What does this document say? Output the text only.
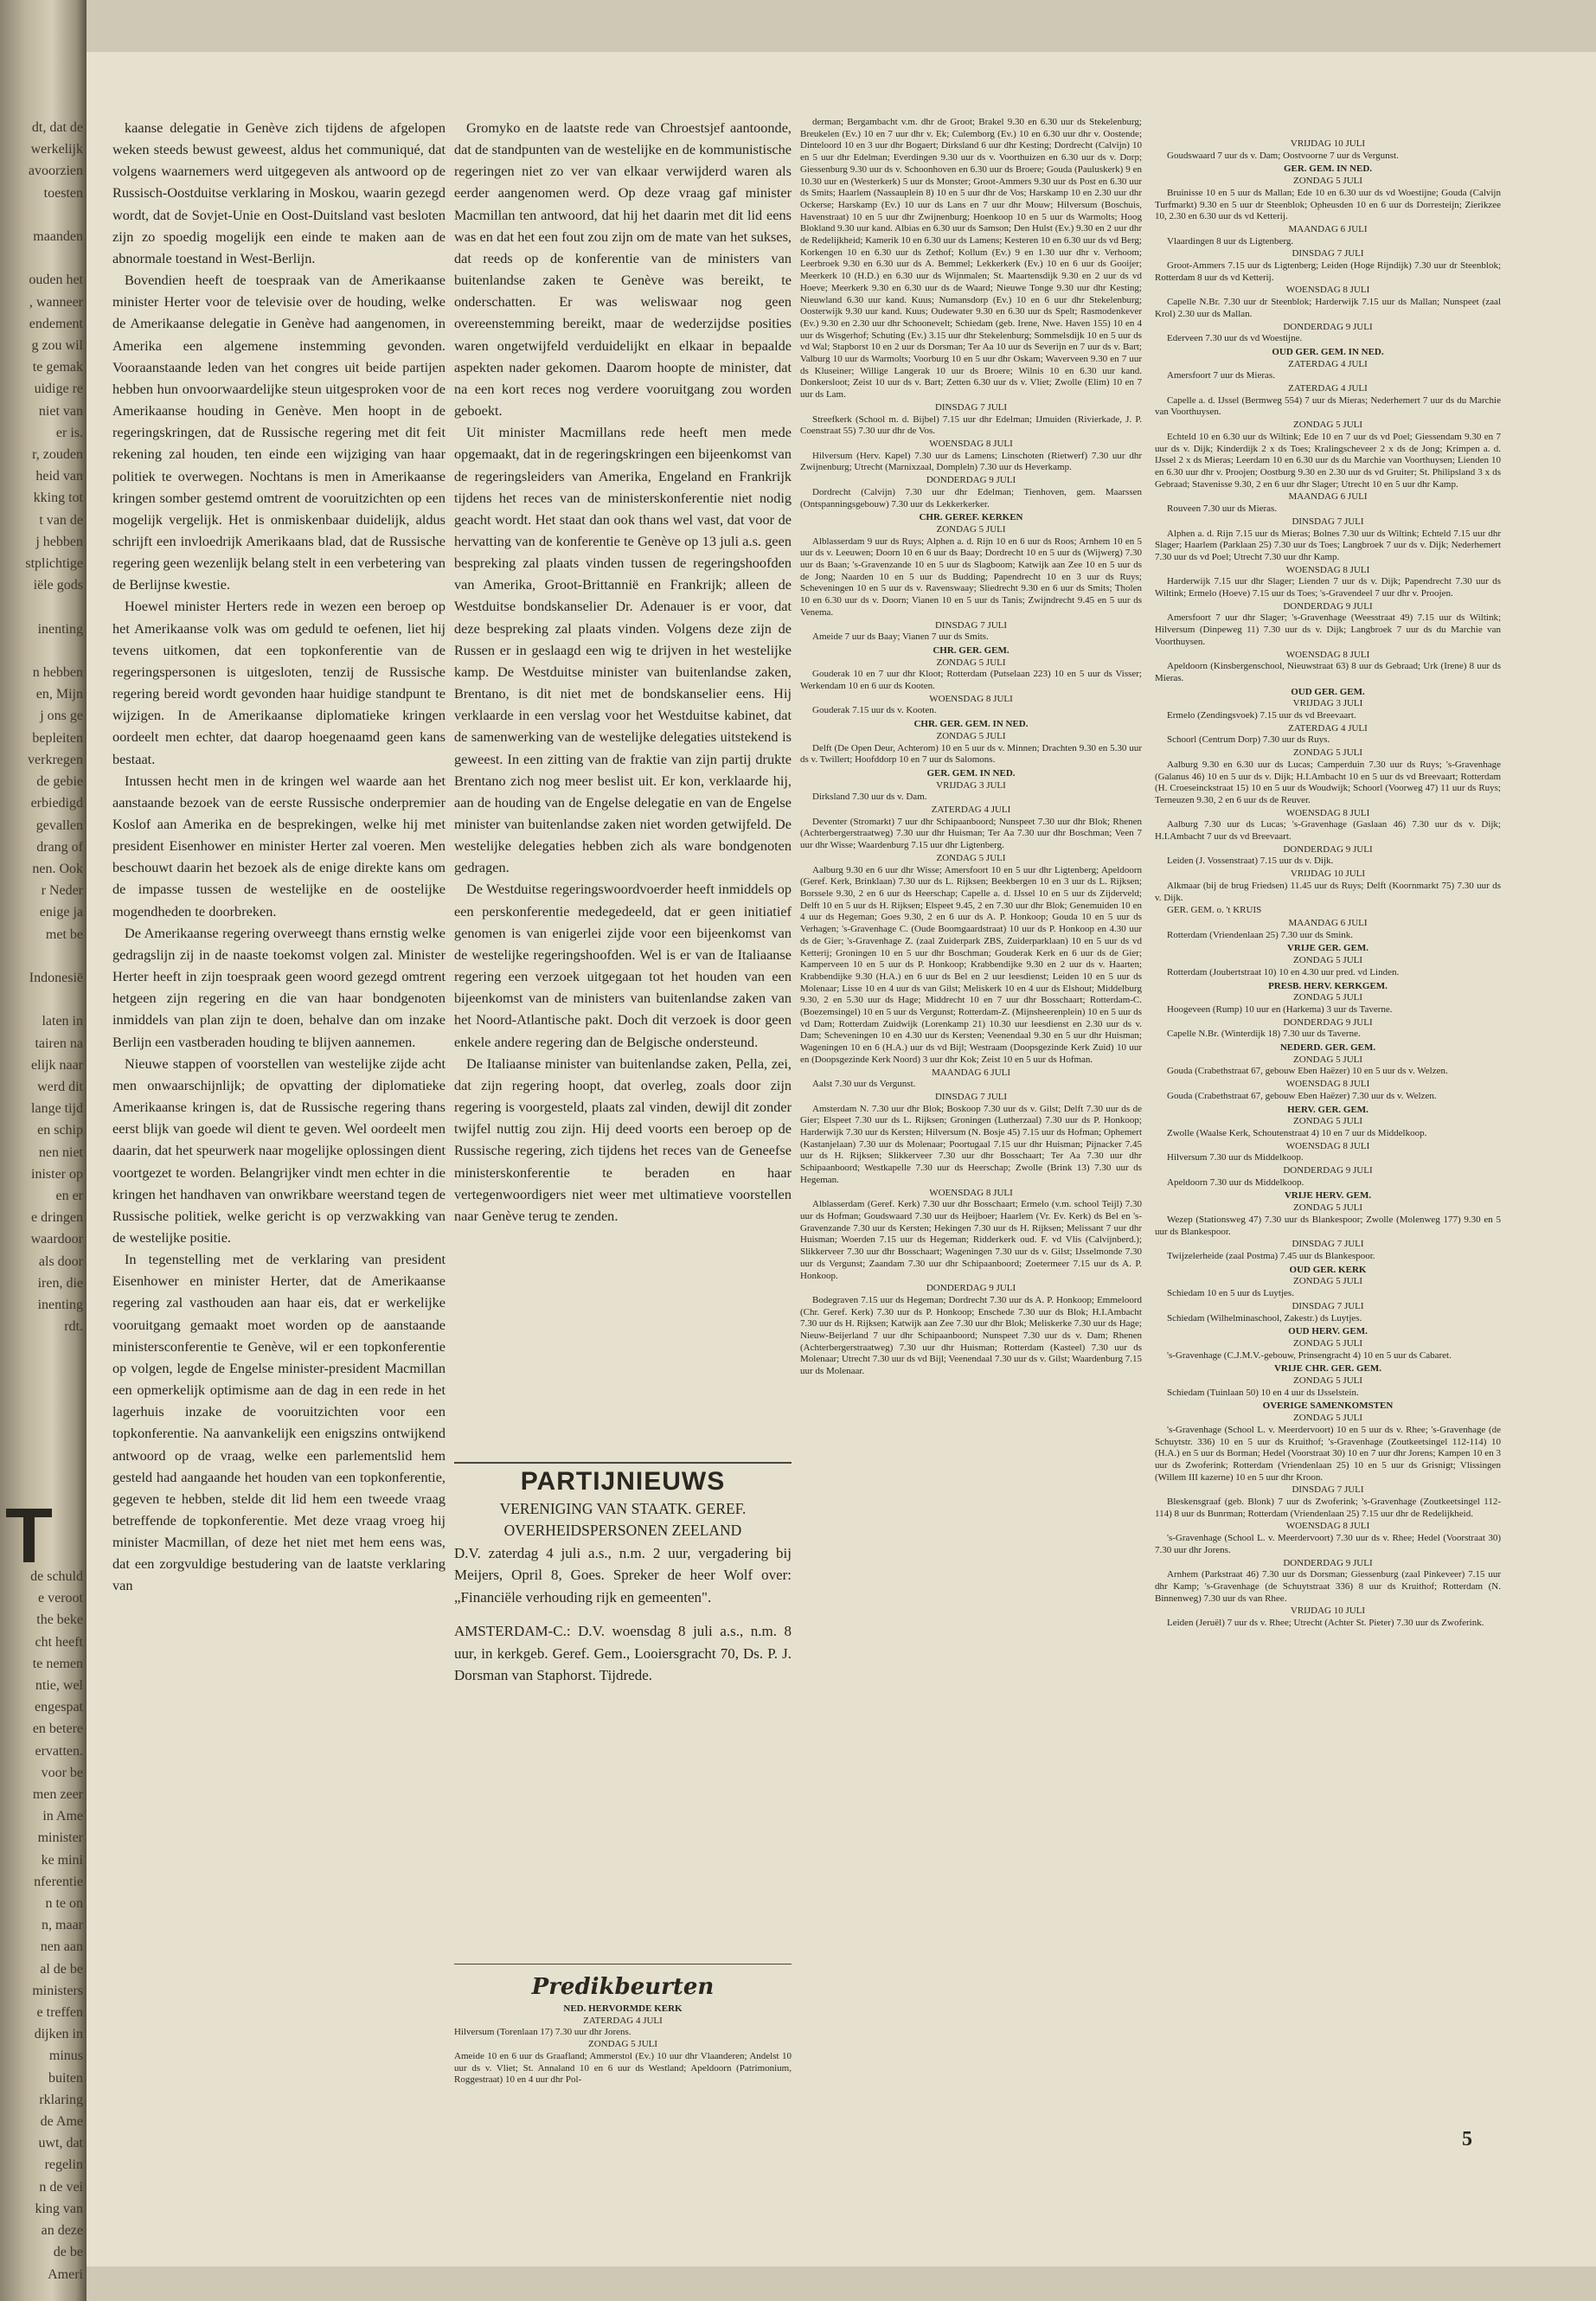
dt, dat de
werkelijk
avoorzien
toesten

maanden

ouden het
, wanneer
endement
g zou wil
te gemak
uidige re
niet van
er is.
r, zouden
heid van
kking tot
t van de
j hebben
stplichtige
iële gods

inenting

n hebben
en, Mijn
j ons ge
bepleiten
verkregen
de gebie
erbiedigd
gevallen
drang of
nen. Ook
r Neder
enige ja
met be

Indonesië

laten in
tairen na
elijk naar
werd dit
lange tijd
en schip
nen niet
inister op
en er
e dringen
waardoor
als door
iren, die
inenting
rdt.
T
de schuld
e veroot
the beke
cht heeft
te nemen
ntie, wel
engespat
en betere
ervatten.
voor be
men zeer
in Ame
minister
ke mini
nferentie
n te on
n, maar
nen aan
al de be
ministers
e treffen
dijken in
minus
buiten
rklaring
de Ame
uwt, dat
regelin
n de vei
king van
an deze
de be
Ameri

kaanse delegatie in Genève zich tijdens de afgelopen weken steeds bewust geweest, aldus het communiqué, dat volgens waarnemers werd uitgegeven als antwoord op de Russisch-Oostduitse verklaring in Moskou, waarin gezegd wordt, dat de Sovjet-Unie en Oost-Duitsland vast besloten zijn zo spoedig mogelijk een einde te maken aan de abnormale toestand in West-Berlijn.

Bovendien heeft de toespraak van de Amerikaanse minister Herter voor de televisie over de houding, welke de Amerikaanse delegatie in Genève had aangenomen, in Amerika een algemene instemming gevonden. Vooraanstaande leden van het congres uit beide partijen hebben hun onvoorwaardelijke steun uitgesproken voor de Amerikaanse houding in Genève. Men hoopt in de regeringskringen, dat de Russische regering met dit feit rekening zal houden, ten einde een wijziging van haar politiek te overwegen. Nochtans is men in Amerikaanse kringen somber gestemd omtrent de vooruitzichten op een mogelijk vergelijk. Het is onmiskenbaar duidelijk, aldus schrijft een invloedrijk Amerikaans blad, dat de Russische regering geen wezenlijk belang stelt in een verbetering van de Berlijnse kwestie.

Hoewel minister Herters rede in wezen een beroep op het Amerikaanse volk was om geduld te oefenen, liet hij tevens uitkomen, dat een topkonferentie van de regeringspersonen is uitgesloten, tenzij de Russische regering bereid wordt gevonden haar huidige standpunt te wijzigen. In de Amerikaanse diplomatieke kringen oordeelt men echter, dat daarop hoegenaamd geen kans bestaat.

Intussen hecht men in de kringen wel waarde aan het aanstaande bezoek van de eerste Russische onderpremier Koslof aan Amerika en de besprekingen, welke hij met president Eisenhower en minister Herter zal voeren. Men beschouwt daarin het bezoek als de enige direkte kans om de impasse tussen de westelijke en de oostelijke mogendheden te doorbreken.

De Amerikaanse regering overweegt thans ernstig welke gedragslijn zij in de naaste toekomst volgen zal. Minister Herter heeft in zijn toespraak geen woord gezegd omtrent hetgeen zijn regering en die van haar bondgenoten inmiddels van plan zijn te doen, behalve dan om inzake Berlijn een vastberaden houding te blijven aannemen.

Nieuwe stappen of voorstellen van westelijke zijde acht men onwaarschijnlijk; de opvatting der diplomatieke Amerikaanse kringen is, dat de Russische regering thans eerst blijk van goede wil dient te geven. Wel oordeelt men daarin, dat het speurwerk naar mogelijke oplossingen dient voortgezet te worden. Belangrijker vindt men echter in die kringen het handhaven van onwrikbare weerstand tegen de Russische politiek, welke gericht is op verzwakking van de westelijke positie.

In tegenstelling met de verklaring van president Eisenhower en minister Herter, dat de Amerikaanse regering zal vasthouden aan haar eis, dat er werkelijke vooruitgang gemaakt moet worden op de aanstaande ministersconferentie te Genève, wil er een topkonferentie op volgen, legde de Engelse minister-president Macmillan een opmerkelijk optimisme aan de dag in een rede in het lagerhuis inzake de vooruitzichten voor een topkonferentie. Na aanvankelijk een enigszins ontwijkend antwoord op de vraag, welke een parlementslid hem gesteld had aangaande het houden van een topkonferentie, gegeven te hebben, stelde dit lid hem een tweede vraag betreffende de topkonferentie. Met deze vraag vroeg hij minister Macmillan, of deze het niet met hem eens was, dat een zorgvuldige bestudering van de laatste verklaring van

Gromyko en de laatste rede van Chroestsjef aantoonde, dat de standpunten van de westelijke en de kommunistische regeringen niet zo ver van elkaar verwijderd waren als eerder aangenomen werd. Op deze vraag gaf minister Macmillan ten antwoord, dat hij het daarin met dit lid eens was en dat het een fout zou zijn om de mate van het sukses, dat reeds op de konferentie van de ministers van buitenlandse zaken te Genève was bereikt, te onderschatten. Er was weliswaar nog geen overeenstemming bereikt, maar de wederzijdse posities waren ongetwijfeld verduidelijkt en elkaar in bepaalde aspekten nader gekomen. Daarom hoopte de minister, dat na een kort reces nog verdere vooruitgang zou worden geboekt.

Uit minister Macmillans rede heeft men mede opgemaakt, dat in de regeringskringen een bijeenkomst van de regeringsleiders van Amerika, Engeland en Frankrijk tijdens het reces van de ministerskonferentie niet nodig geacht wordt. Het staat dan ook thans wel vast, dat voor de hervatting van de konferentie te Genève op 13 juli a.s. geen bespreking zal plaats vinden tussen de regeringshoofden van Amerika, Groot-Brittannië en Frankrijk; alleen de Westduitse bondskanselier Dr. Adenauer is er voor, dat deze bespreking zal plaats vinden. Volgens deze zijn de Russen er in geslaagd een wig te drijven in het westelijke kamp. De Westduitse minister van buitenlandse zaken, Brentano, is dit niet met de bondskanselier eens. Hij verklaarde in een verslag voor het Westduitse kabinet, dat de samenwerking van de westelijke delegaties uitstekend is geweest. In een zitting van de fraktie van zijn partij drukte Brentano zich nog meer beslist uit. Er kon, verklaarde hij, aan de houding van de Engelse delegatie en van de Engelse minister van buitenlandse zaken niet worden getwijfeld. De westelijke delegaties hebben zich als ware bondgenoten gedragen.

De Westduitse regeringswoordvoerder heeft inmiddels op een perskonferentie medegedeeld, dat er geen initiatief genomen is van enigerlei zijde voor een bijeenkomst van de westelijke regeringshoofden. Wel is er van de Italiaanse regering een verzoek uitgegaan tot het houden van een bijeenkomst van de ministers van buitenlandse zaken van het Noord-Atlantische pakt. Doch dit verzoek is door geen enkele andere regering dan de Belgische ondersteund.

De Italiaanse minister van buitenlandse zaken, Pella, zei, dat zijn regering hoopt, dat overleg, zoals door zijn regering is voorgesteld, plaats zal vinden, dewijl dit zonder twijfel nuttig zou zijn. Hij deed voorts een beroep op de Russische regering, zich tijdens het reces van de Geneefse ministerskonferentie te beraden en haar vertegenwoordigers niet weer met ultimatieve voorstellen naar Genève terug te zenden.

PARTIJNIEUWS

VERENIGING VAN STAATK. GEREF.

OVERHEIDSPERSONEN ZEELAND

D.V. zaterdag 4 juli a.s., n.m. 2 uur, vergadering bij Meijers, Opril 8, Goes. Spreker de heer Wolf over: „Financiële verhouding rijk en gemeenten".

AMSTERDAM-C.: D.V. woensdag 8 juli a.s., n.m. 8 uur, in kerkgeb. Geref. Gem., Looiersgracht 70, Ds. P. J. Dorsman van Staphorst. Tijdrede.

Predikbeurten
NED. HERVORMDE KERK
ZATERDAG 4 JULI

Hilversum (Torenlaan 17) 7.30 uur dhr Jorens.

ZONDAG 5 JULI

Ameide 10 en 6 uur ds Graafland; Ammerstol (Ev.) 10 uur dhr Vlaanderen; Andelst 10 uur ds v. Vliet; St. Annaland 10 en 6 uur ds Westland; Apeldoorn (Patrimonium, Roggestraat) 10 en 4 uur dhr Pol-

derman; Bergambacht v.m. dhr de Groot; Brakel 9.30 en 6.30 uur ds Stekelenburg; Breukelen (Ev.) 10 en 7 uur dhr v. Ek; Culemborg (Ev.) 10 en 6.30 uur dhr v. Oostende; Dinteloord 10 en 3 uur dhr Bogaert; Dirksland 6 uur dhr Kesting; Dordrecht (Calvijn) 10 en 5 uur dhr Edelman; Everdingen 9.30 uur ds v. Voorthuizen en 6.30 uur ds v. Dorp; Giessenburg 9.30 uur ds v. Schoonhoven en 6.30 uur ds Broere; Gouda (Pauluskerk) 9 en 10.30 uur en (Westerkerk) 5 uur ds Monster; Groot-Ammers 9.30 uur ds Post en 6.30 uur ds Smits; Haarlem (Nassauplein 8) 10 en 5 uur dhr de Vos; Harskamp 10 en 2.30 uur dhr Ockerse; Harskamp (Ev.) 10 uur ds Lans en 7 uur dhr Mouw; Hilversum (Boschuis, Havenstraat) 10 en 5 uur dhr Zwijnenburg; Hoenkoop 10 en 5 uur ds Warmolts; Hoog Blokland 9.30 uur kand. Albias en 6.30 uur ds Samson; Den Hulst (Ev.) 9.30 en 2 uur dhr de Redelijkheid; Kamerik 10 en 6.30 uur ds Lamens; Kesteren 10 en 6.30 uur ds vd Berg; Korkengen 10 en 6.30 uur ds Zethof; Kollum (Ev.) 9 en 1.30 uur dhr v. Verhoom; Leerbroek 9.30 en 6.30 uur ds A. Bemmel; Lekkerkerk (Ev.) 10 en 6 uur ds Gooijer; Meerkerk 10 (H.D.) en 6.30 uur ds Wijnmalen; St. Maartensdijk 9.30 en 2 uur ds vd Hoeve; Meerkerk 9.30 en 6.30 uur ds de Waard; Nieuwe Tonge 9.30 uur dhr Kesting; Nieuwland 6.30 uur kand. Kuus; Numansdorp (Ev.) 10 en 6 uur dhr Stekelenburg; Oosterwijk 9.30 uur kand. Kuus; Oudewater 9.30 en 6.30 uur ds Spelt; Rasmodenkever (Ev.) 9.30 en 2.30 uur dhr Schoonevelt; Schiedam (geb. Irene, Nwe. Haven 155) 10 en 4 uur ds Wisgerhof; Schuting (Ev.) 3.15 uur dhr Stekelenburg; Sommelsdijk 10 en 5 uur ds vd Wal; Stapborst 10 en 2 uur ds Dorsman; Ter Aa 10 uur ds Severijn en 7 uur ds v. Bart; Valburg 10 uur ds Warmolts; Voorburg 10 en 5 uur dhr Oskam; Waverveen 9.30 en 7 uur ds Kluseiner; Willige Langerak 10 uur ds Broere; Wilnis 10 en 6.30 uur kand. Donkersloot; Zeist 10 uur ds v. Bart; Zetten 6.30 uur ds v. Vliet; Zwolle (Elim) 10 en 7 uur ds Lam.

DINSDAG 7 JULI

Streefkerk (School m. d. Bijbel) 7.15 uur dhr Edelman; IJmuiden (Rivierkade, J. P. Coenstraat 55) 7.30 uur dhr de Vos.

WOENSDAG 8 JULI

Hilversum (Herv. Kapel) 7.30 uur ds Lamens; Linschoten (Rietwerf) 7.30 uur dhr Zwijnenburg; Utrecht (Marnixzaal, Dompleln) 7.30 uur ds Heverkamp.

DONDERDAG 9 JULI

Dordrecht (Calvijn) 7.30 uur dhr Edelman; Tienhoven, gem. Maarssen (Ontspanningsgebouw) 7.30 uur ds Lekkerkerker.

CHR. GEREF. KERKEN

ZONDAG 5 JULI

Alblasserdam 9 uur ds Ruys; Alphen a. d. Rijn 10 en 6 uur ds Roos; Arnhem 10 en 5 uur ds v. Leeuwen; Doorn 10 en 6 uur ds Baay; Dordrecht 10 en 5 uur ds (Wijwerg) 7.30 uur ds Baan; 's-Gravenzande 10 en 5 uur ds Slagboom; Katwijk aan Zee 10 en 5 uur ds de Jong; Naarden 10 en 5 uur ds Budding; Papendrecht 10 en 3 uur ds Ruys; Scheveningen 10 en 5 uur ds v. Ravenswaay; Sliedrecht 9.30 en 6 uur ds Smits; Tholen 10 en 6.30 uur ds v. Doorn; Vianen 10 en 5 uur ds Tanis; Zwijndrecht 9.45 en 5 uur ds Venema.

DINSDAG 7 JULI

Ameide 7 uur ds Baay; Vianen 7 uur ds Smits.

CHR. GER. GEM.

ZONDAG 5 JULI

Gouderak 10 en 7 uur dhr Kloot; Rotterdam (Putselaan 223) 10 en 5 uur ds Visser; Werkendam 10 en 6 uur ds Kooten.

WOENSDAG 8 JULI

Gouderak 7.15 uur ds v. Kooten.

CHR. GER. GEM. IN NED.

ZONDAG 5 JULI

Delft (De Open Deur, Achterom) 10 en 5 uur ds v. Minnen; Drachten 9.30 en 5.30 uur ds v. Twillert; Hoofddorp 10 en 7 uur ds Salomons.

GER. GEM. IN NED.

VRIJDAG 3 JULI

Dirksland 7.30 uur ds v. Dam.

ZATERDAG 4 JULI

Deventer (Stromarkt) 7 uur dhr Schipaanboord; Nunspeet 7.30 uur dhr Blok; Rhenen (Achterbergerstraatweg) 7.30 uur dhr Huisman; Ter Aa 7.30 uur dhr Boschman; Veen 7 uur dhr Wisse; Waardenburg 7.15 uur dhr Ligtenberg.

ZONDAG 5 JULI

Aalburg 9.30 en 6 uur dhr Wisse; Amersfoort 10 en 5 uur dhr Ligtenberg; Apeldoorn (Geref. Kerk, Brinklaan) 7.30 uur ds L. Rijksen; Beekbergen 10 en 3 uur ds L. Rijksen; Borssele 9.30, 2 en 6 uur ds Heerschap; Capelle a. d. IJssel 10 en 5 uur ds Zijderveld; Delft 10 en 5 uur ds H. Rijksen; Elspeet 9.45, 2 en 7.30 uur dhr Blok; Genemuiden 10 en 4 uur ds Hegeman; Goes 9.30, 2 en 6 uur ds A. P. Honkoop; Gouda 10 en 5 uur ds Verhagen; 's-Gravenhage C. (Oude Boomgaardstraat) 10 uur ds P. Honkoop en 4.30 uur ds de Gier; 's-Gravenhage Z. (zaal Zuiderpark ZBS, Zuiderparklaan) 10 en 5 uur ds vd Ketterij; Groningen 10 en 5 uur dhr Boschman; Gouderak Kerk en 6 uur ds de Gier; Kamperveen 10 en 5 uur ds P. Honkoop; Krabbendijke 9.30 en 2 uur ds v. Haarten; Krabbendijke 9.30 (H.A.) en 6 uur ds Bel en 2 uur leesdienst; Leiden 10 en 5 uur ds Molenaar; Lisse 10 en 4 uur ds van Gilst; Meliskerk 10 en 4 uur ds Elshout; Middelburg 9.30, 2 en 5.30 uur ds Hage; Middrecht 10 en 7 uur dhr Bosschaart; Rotterdam-C. (Boezemsingel) 10 en 5 uur ds Vergunst; Rotterdam-Z. (Mijnsheerenplein) 10 en 5 uur ds vd Dam; Rotterdam Zuidwijk (Lorenkamp 21) 10.30 uur leesdienst en 2.30 uur ds v. Dam; Scheveningen 10 en 4.30 uur ds Kersten; Veenendaal 9.30 en 5 uur dhr Huisman; Wageningen 10 en 6 (H.A.) uur ds vd Bijl; Westraam (Doopsgezinde Kerk Zuid) 10 uur en (Doopsgezinde Kerk Noord) 3 uur dhr Kok; Zeist 10 en 5 uur ds Hofman.

MAANDAG 6 JULI

Aalst 7.30 uur ds Vergunst.

DINSDAG 7 JULI

Amsterdam N. 7.30 uur dhr Blok; Boskoop 7.30 uur ds v. Gilst; Delft 7.30 uur ds de Gier; Elspeet 7.30 uur ds L. Rijksen; Groningen (Lutherzaal) 7.30 uur ds P. Honkoop; Harderwijk 7.30 uur ds Kersten; Hilversum (N. Bosje 45) 7.15 uur ds Hofman; Ophemert (Kastanjelaan) 7.30 uur ds Molenaar; Poortugaal 7.15 uur dhr Huisman; Pijnacker 7.45 uur ds H. Rijksen; Slikkerveer 7.30 uur dhr Bosschaart; Ter Aa 7.30 uur dhr Schipaanboord; Westkapelle 7.30 uur ds Heerschap; Zwolle (Brink 13) 7.30 uur ds Hegeman.

WOENSDAG 8 JULI

Alblasserdam (Geref. Kerk) 7.30 uur dhr Bosschaart; Ermelo (v.m. school Teijl) 7.30 uur ds Hofman; Goudswaard 7.30 uur ds Heijboer; Haarlem (Vr. Ev. Kerk) ds Bel en 's-Gravenzande 7.30 uur ds Kersten; Hekingen 7.30 uur ds H. Rijksen; Melissant 7 uur dhr Huisman; Woerden 7.15 uur ds Hegeman; Ridderkerk oud. F. vd Vlis (Calvijnberd.); Slikkerveer 7.30 uur dhr Bosschaart; Wageningen 7.30 uur ds v. Gilst; IJsselmonde 7.30 uur ds Vergunst; Zaandam 7.30 uur dhr Schipaanboord; Zoetermeer 7.15 uur ds A. P. Honkoop.

DONDERDAG 9 JULI

Bodegraven 7.15 uur ds Hegeman; Dordrecht 7.30 uur ds A. P. Honkoop; Emmeloord (Chr. Geref. Kerk) 7.30 uur ds P. Honkoop; Enschede 7.30 uur ds Blok; H.I.Ambacht 7.30 uur ds H. Rijksen; Katwijk aan Zee 7.30 uur dhr Blok; Meliskerke 7.30 uur ds Hage; Nieuw-Beijerland 7 uur dhr Schipaanboord; Nunspeet 7.30 uur ds v. Dam; Rhenen (Achterbergerstraatweg) 7.30 uur dhr Huisman; Rotterdam (Kasteel) 7.30 uur ds Molenaar; Utrecht 7.30 uur ds vd Bijl; Veenendaal 7.30 uur ds v. Gilst; Waardenburg 7.15 uur ds Molenaar.

VRIJDAG 10 JULI

Goudswaard 7 uur ds v. Dam; Oostvoorne 7 uur ds Vergunst.

GER. GEM. IN NED.

ZONDAG 5 JULI

Bruinisse 10 en 5 uur ds Mallan; Ede 10 en 6.30 uur ds vd Woestijne; Gouda (Calvijn Turfmarkt) 9.30 en 5 uur dr Steenblok; Opheusden 10 en 6 uur ds Dorresteijn; Zierikzee 10, 2.30 en 6.30 uur ds vd Ketterij.

MAANDAG 6 JULI

Vlaardingen 8 uur ds Ligtenberg.

DINSDAG 7 JULI

Groot-Ammers 7.15 uur ds Ligtenberg; Leiden (Hoge Rijndijk) 7.30 uur dr Steenblok; Rotterdam 8 uur ds vd Ketterij.

WOENSDAG 8 JULI

Capelle N.Br. 7.30 uur dr Steenblok; Harderwijk 7.15 uur ds Mallan; Nunspeet (zaal Krol) 2.30 uur ds Mallan.

DONDERDAG 9 JULI

Ederveen 7.30 uur ds vd Woestijne.

OUD GER. GEM. IN NED.

ZATERDAG 4 JULI

Amersfoort 7 uur ds Mieras.

ZATERDAG 4 JULI

Capelle a. d. IJssel (Bermweg 554) 7 uur ds Mieras; Nederhemert 7 uur ds du Marchie van Voorthuysen.

ZONDAG 5 JULI

Echteld 10 en 6.30 uur ds Wiltink; Ede 10 en 7 uur ds vd Poel; Giessendam 9.30 en 7 uur ds v. Dijk; Kinderdijk 2 x ds Toes; Kralingscheveer 2 x ds de Jong; Krimpen a. d. IJssel 2 x ds Mieras; Leerdam 10 en 6.30 uur ds du Marchie van Voorthuysen; Lienden 10 en 6.30 uur dhr v. Proojen; Oostburg 9.30 en 2.30 uur ds vd Gruiter; St. Philipsland 3 x ds Gebraad; Stavenisse 9.30, 2 en 6 uur dhr Slager; Utrecht 10 en 5 uur dhr Kamp.

MAANDAG 6 JULI

Rouveen 7.30 uur ds Mieras.

DINSDAG 7 JULI

Alphen a. d. Rijn 7.15 uur ds Mieras; Bolnes 7.30 uur ds Wiltink; Echteld 7.15 uur dhr Slager; Haarlem (Parklaan 25) 7.30 uur ds Toes; Langbroek 7 uur ds v. Dijk; Nederhemert 7.30 uur ds vd Poel; Utrecht 7.30 uur dhr Kamp.

WOENSDAG 8 JULI

Harderwijk 7.15 uur dhr Slager; Lienden 7 uur ds v. Dijk; Papendrecht 7.30 uur ds Wiltink; Ermelo (Hoeve) 7.15 uur ds Toes; 's-Gravendeel 7 uur dhr v. Proojen.

DONDERDAG 9 JULI

Amersfoort 7 uur dhr Slager; 's-Gravenhage (Weesstraat 49) 7.15 uur ds Wiltink; Hilversum (Dinpeweg 11) 7.30 uur ds v. Dijk; Langbroek 7 uur ds du Marchie van Voorthuysen.

WOENSDAG 8 JULI

Apeldoorn (Kinsbergenschool, Nieuwstraat 63) 8 uur ds Gebraad; Urk (Irene) 8 uur ds Mieras.

OUD GER. GEM.

VRIJDAG 3 JULI

Ermelo (Zendingsvoek) 7.15 uur ds vd Breevaart.

ZATERDAG 4 JULI

Schoorl (Centrum Dorp) 7.30 uur ds Ruys.

ZONDAG 5 JULI

Aalburg 9.30 en 6.30 uur ds Lucas; Camperduin 7.30 uur ds Ruys; 's-Gravenhage (Galanus 46) 10 en 5 uur ds v. Dijk; H.I.Ambacht 10 en 5 uur ds vd Breevaart; Rotterdam (H. Croeseinckstraat 15) 10 en 5 uur ds Woudwijk; Schoorl (Voorweg 47) 11 uur ds Ruys; Terneuzen 9.30, 2 en 6 uur ds de Reuver.

WOENSDAG 8 JULI

Aalburg 7.30 uur ds Lucas; 's-Gravenhage (Gaslaan 46) 7.30 uur ds v. Dijk; H.I.Ambacht 7 uur ds vd Breevaart.

DONDERDAG 9 JULI

Leiden (J. Vossenstraat) 7.15 uur ds v. Dijk.

VRIJDAG 10 JULI

Alkmaar (bij de brug Friedsen) 11.45 uur ds Ruys; Delft (Koornmarkt 75) 7.30 uur ds v. Dijk.

GER. GEM. o. 't KRUIS

MAANDAG 6 JULI

Rotterdam (Vriendenlaan 25) 7.30 uur ds Smink.

VRIJE GER. GEM.

ZONDAG 5 JULI

Rotterdam (Joubertstraat 10) 10 en 4.30 uur pred. vd Linden.

PRESB. HERV. KERKGEM.

ZONDAG 5 JULI

Hoogeveen (Rump) 10 uur en (Harkema) 3 uur ds Taverne.

DONDERDAG 9 JULI

Capelle N.Br. (Winterdijk 18) 7.30 uur ds Taverne.

NEDERD. GER. GEM.

ZONDAG 5 JULI

Gouda (Crabethstraat 67, gebouw Eben Haëzer) 10 en 5 uur ds v. Welzen.

WOENSDAG 8 JULI

Gouda (Crabethstraat 67, gebouw Eben Haëzer) 7.30 uur ds v. Welzen.

HERV. GER. GEM.

ZONDAG 5 JULI

Zwolle (Waalse Kerk, Schoutenstraat 4) 10 en 7 uur ds Middelkoop.

WOENSDAG 8 JULI

Hilversum 7.30 uur ds Middelkoop.

DONDERDAG 9 JULI

Apeldoorn 7.30 uur ds Middelkoop.

VRIJE HERV. GEM.

ZONDAG 5 JULI

Wezep (Stationsweg 47) 7.30 uur ds Blankespoor; Zwolle (Molenweg 177) 9.30 en 5 uur ds Blankespoor.

DINSDAG 7 JULI

Twijzelerheide (zaal Postma) 7.45 uur ds Blankespoor.

OUD GER. KERK

ZONDAG 5 JULI

Schiedam 10 en 5 uur ds Luytjes.

DINSDAG 7 JULI

Schiedam (Wilhelminaschool, Zakestr.) ds Luytjes.

OUD HERV. GEM.

ZONDAG 5 JULI

's-Gravenhage (C.J.M.V.-gebouw, Prinsengracht 4) 10 en 5 uur ds Cabaret.

VRIJE CHR. GER. GEM.

ZONDAG 5 JULI

Schiedam (Tuinlaan 50) 10 en 4 uur ds IJsselstein.

OVERIGE SAMENKOMSTEN

ZONDAG 5 JULI

's-Gravenhage (School L. v. Meerdervoort) 10 en 5 uur ds v. Rhee; 's-Gravenhage (de Schuytstr. 336) 10 en 5 uur ds Kruithof; 's-Gravenhage (Zoutkeetsingel 112-114) 10 (H.A.) en 5 uur ds Borman; Hedel (Voorstraat 30) 10 en 7 uur dhr Jorens; Kampen 10 en 3 uur ds Zwoferink; Rotterdam (Vriendenlaan 25) 10 en 5 uur ds Grisnigt; Vlissingen (Willem III kazerne) 10 en 5 uur dhr Kroon.

DINSDAG 7 JULI

Bleskensgraaf (geb. Blonk) 7 uur ds Zwoferink; 's-Gravenhage (Zoutkeetsingel 112-114) 8 uur ds Bunrman; Rotterdam (Vriendenlaan 25) 7.15 uur dhr de Redelijkheid.

WOENSDAG 8 JULI

's-Gravenhage (School L. v. Meerdervoort) 7.30 uur ds v. Rhee; Hedel (Voorstraat 30) 7.30 uur dhr Jorens.

DONDERDAG 9 JULI

Arnhem (Parkstraat 46) 7.30 uur ds Dorsman; Giessenburg (zaal Pinkeveer) 7.15 uur dhr Kamp; 's-Gravenhage (de Schuytstraat 336) 8 uur ds Kruithof; Rotterdam (N. Binnenweg) 7.30 uur ds van Rhee.

VRIJDAG 10 JULI

Leiden (Jeruël) 7 uur ds v. Rhee; Utrecht (Achter St. Pieter) 7.30 uur ds Zwoferink.

5
